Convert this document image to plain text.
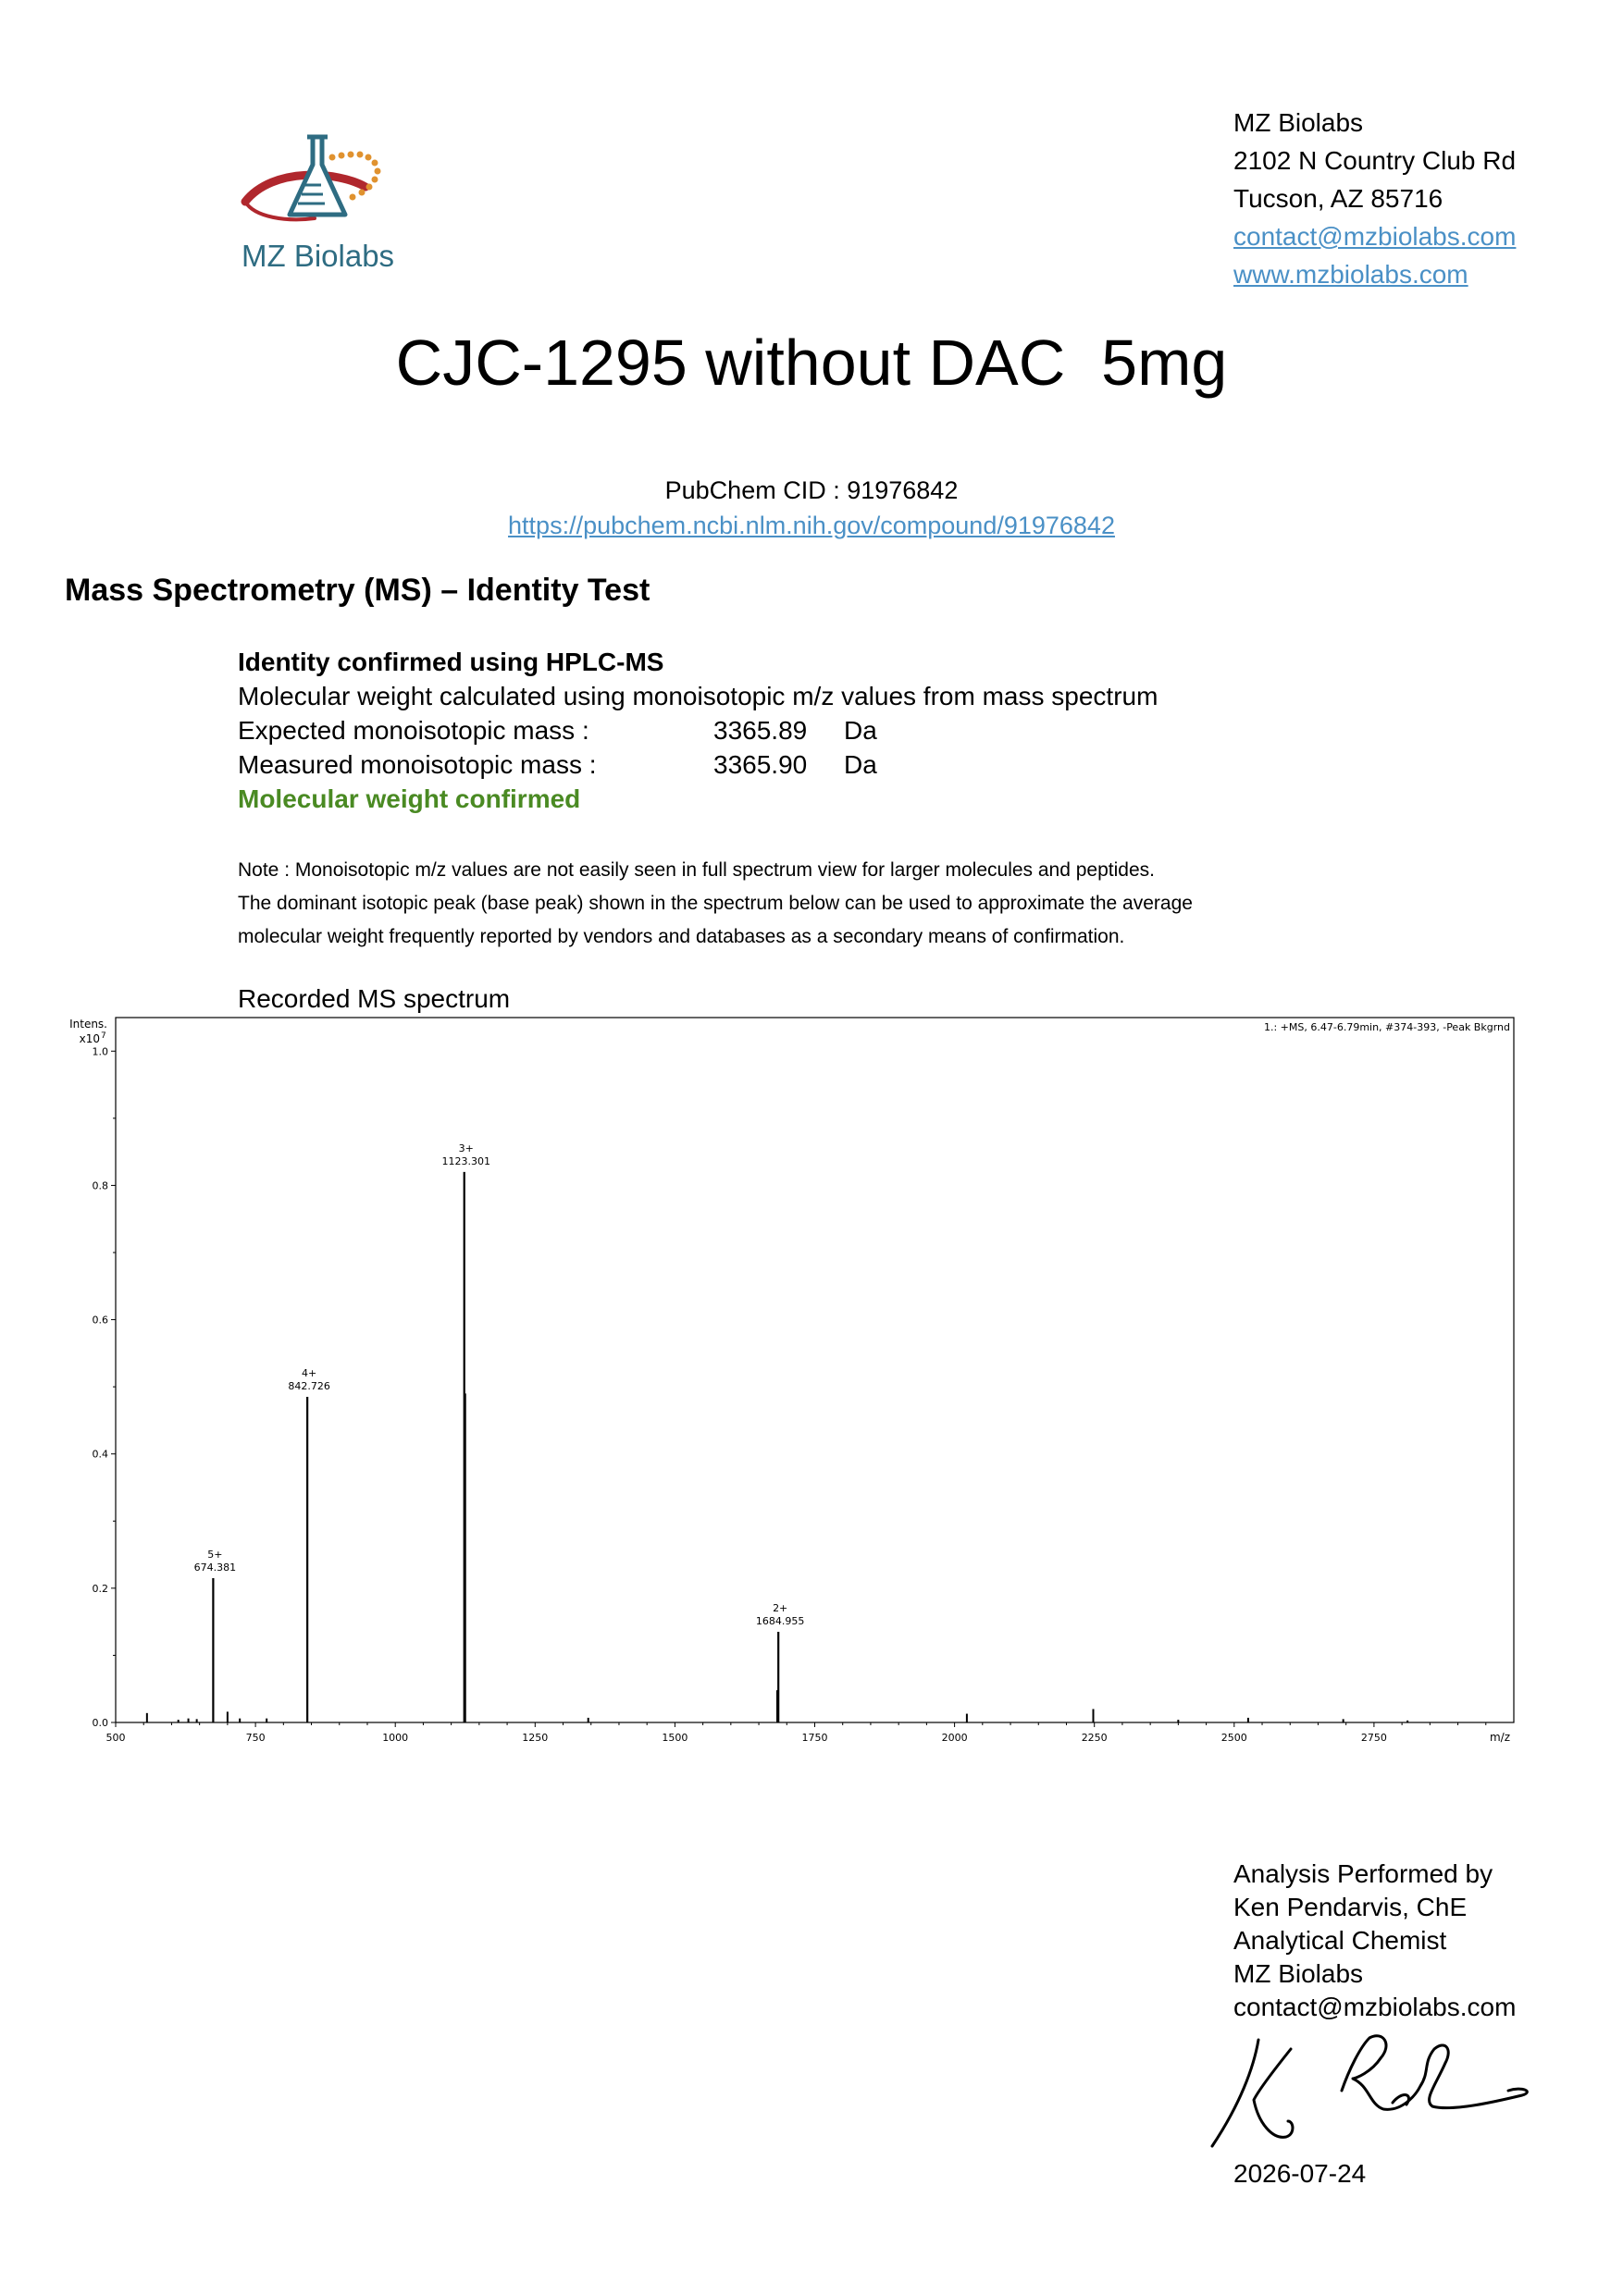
MZ Biolabs
MZ Biolabs
2102 N Country Club Rd
Tucson, AZ 85716
contact@mzbiolabs.com
www.mzbiolabs.com
CJC-1295 without DAC  5mg
PubChem CID : 91976842
https://pubchem.ncbi.nlm.nih.gov/compound/91976842
Mass Spectrometry (MS) – Identity Test
Identity confirmed using HPLC-MS
Molecular weight calculated using monoisotopic m/z values from mass spectrum
Expected monoisotopic mass :	3365.89 Da
Measured monoisotopic mass :	3365.90 Da
Molecular weight confirmed
Note : Monoisotopic m/z values are not easily seen in full spectrum view for larger molecules and peptides.
The dominant isotopic peak (base peak) shown in the spectrum below can be used to approximate the average
molecular weight frequently reported by vendors and databases as a secondary means of confirmation.
Recorded MS spectrum
Intens.
x10 7
1.: +MS, 6.47-6.79min, #374-393, -Peak Bkgrnd
m/z
0.0
0.2
0.4
0.6
0.8
1.0
500	750	1000	1250	1500	1750	2000	2250	2500	2750
5+
674.381
4+
842.726
3+
1123.301
2+
1684.955
Analysis Performed by
Ken Pendarvis, ChE
Analytical Chemist
MZ Biolabs
contact@mzbiolabs.com
2026-07-24
